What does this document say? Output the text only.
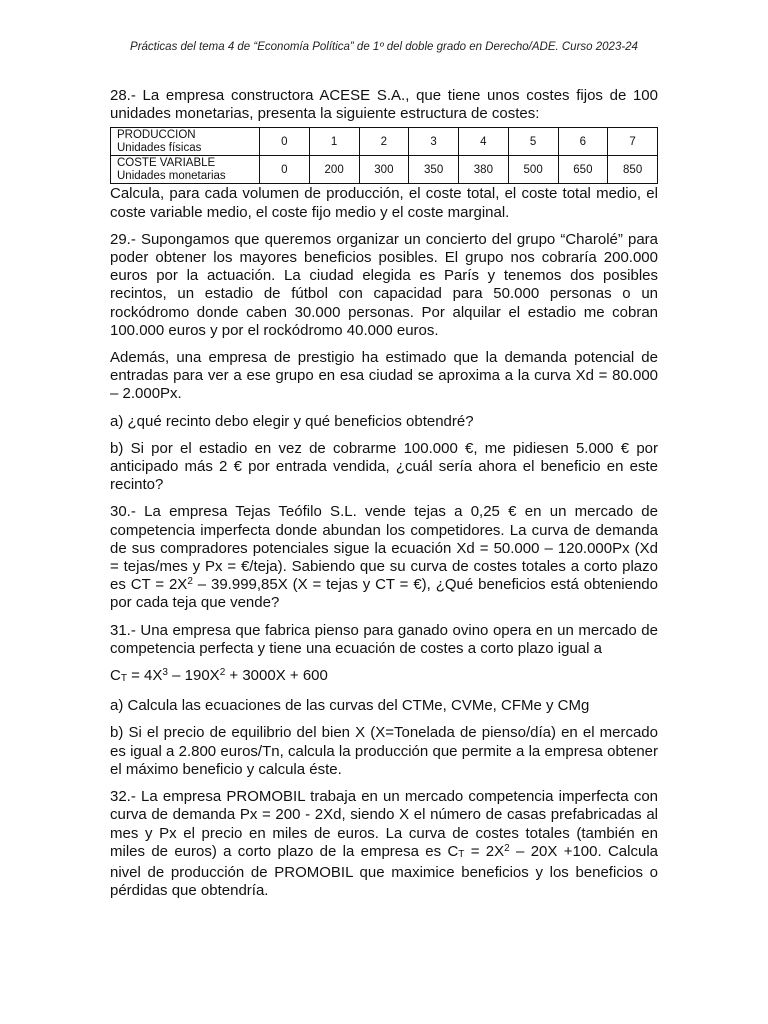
Prácticas del tema 4 de “Economía Política” de 1º del doble grado en Derecho/ADE. Curso 2023-24

28.- La empresa constructora ACESE S.A., que tiene unos costes fijos de 100 unidades monetarias, presenta la siguiente estructura de costes:

PRODUCCION
Unidades físicas	0	1	2	3	4	5	6	7

COSTE VARIABLE
Unidades monetarias	0	200	300	350	380	500	650	850

Calcula, para cada volumen de producción, el coste total, el coste total medio, el coste variable medio, el coste fijo medio y el coste marginal.

29.- Supongamos que queremos organizar un concierto del grupo “Charolé” para poder obtener los mayores beneficios posibles. El grupo nos cobraría 200.000 euros por la actuación. La ciudad elegida es París y tenemos dos posibles recintos, un estadio de fútbol con capacidad para 50.000 personas o un rockódromo donde caben 30.000 personas. Por alquilar el estadio me cobran 100.000 euros y por el rockódromo 40.000 euros.

Además, una empresa de prestigio ha estimado que la demanda potencial de entradas para ver a ese grupo en esa ciudad se aproxima a la curva Xd = 80.000 – 2.000Px.

a) ¿qué recinto debo elegir y qué beneficios obtendré?

b) Si por el estadio en vez de cobrarme 100.000 €, me pidiesen 5.000 € por anticipado más 2 € por entrada vendida, ¿cuál sería ahora el beneficio en este recinto?

30.- La empresa Tejas Teófilo S.L. vende tejas a 0,25 € en un mercado de competencia imperfecta donde abundan los competidores. La curva de demanda de sus compradores potenciales sigue la ecuación Xd = 50.000 – 120.000Px (Xd = tejas/mes y Px = €/teja). Sabiendo que su curva de costes totales a corto plazo es CT = $2X^2 - 39.999,85X$ (X = tejas y CT = €), ¿Qué beneficios está obteniendo por cada teja que vende?

31.- Una empresa que fabrica pienso para ganado ovino opera en un mercado de competencia perfecta y tiene una ecuación de costes a corto plazo igual a

$C_T = 4X^3 - 190X^2 + 3000X + 600$

a) Calcula las ecuaciones de las curvas del CTMe, CVMe, CFMe y CMg

b) Si el precio de equilibrio del bien X (X=Tonelada de pienso/día) en el mercado es igual a 2.800 euros/Tn, calcula la producción que permite a la empresa obtener el máximo beneficio y calcula éste.

32.- La empresa PROMOBIL trabaja en un mercado competencia imperfecta con curva de demanda Px = 200 - 2Xd, siendo X el número de casas prefabricadas al mes y Px el precio en miles de euros. La curva de costes totales (también en miles de euros) a corto plazo de la empresa es $C_T = 2X^2 - 20X +100$. Calcula nivel de producción de PROMOBIL que maximice beneficios y los beneficios o pérdidas que obtendría.
